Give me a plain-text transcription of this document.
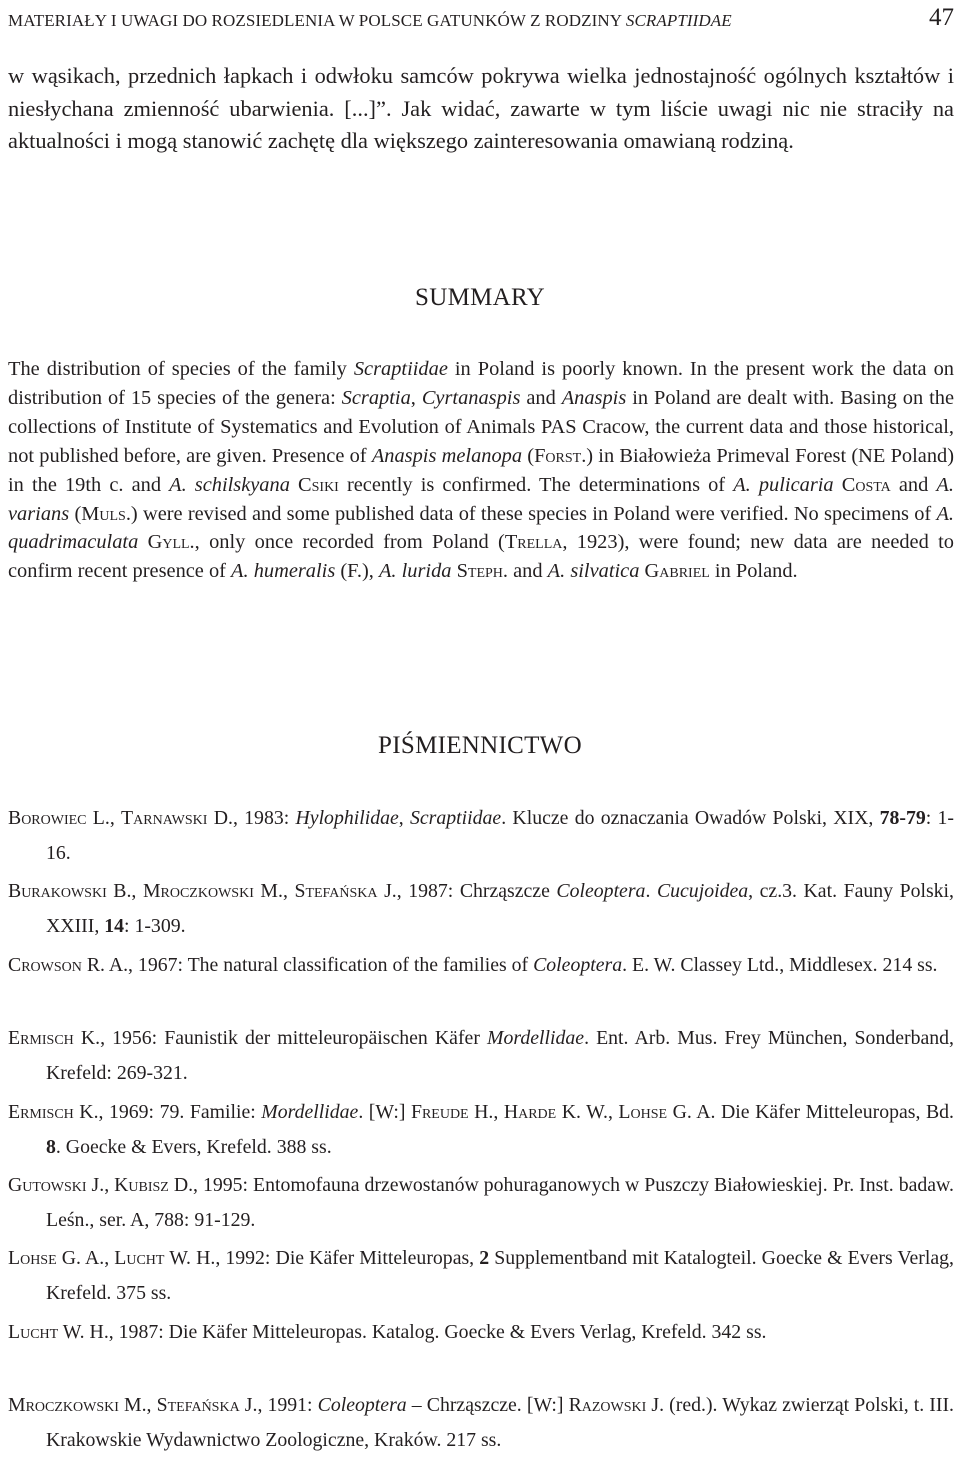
MATERIAŁY I UWAGI DO ROZSIEDLENIA W POLSCE GATUNKÓW Z RODZINY SCRAPTIIDAE	47

w wąsikach, przednich łapkach i odwłoku samców pokrywa wielka jednostajność ogólnych kształtów i niesłychana zmienność ubarwienia. [...]”. Jak widać, zawarte w tym liście uwagi nic nie straciły na aktualności i mogą stanowić zachętę dla większego zainteresowania omawianą rodziną.

SUMMARY

The distribution of species of the family Scraptiidae in Poland is poorly known. In the present work the data on distribution of 15 species of the genera: Scraptia, Cyrtanaspis and Anaspis in Poland are dealt with. Basing on the collections of Institute of Systematics and Evolution of Animals PAS Cracow, the current data and those historical, not published before, are given. Presence of Anaspis melanopa (Forst.) in Białowieża Primeval Forest (NE Poland) in the 19th c. and A. schilskyana Csiki recently is confirmed. The determinations of A. pulicaria Costa and A. varians (Muls.) were revised and some published data of these species in Poland were verified. No specimens of A. quadrimaculata Gyll., only once recorded from Poland (Trella, 1923), were found; new data are needed to confirm recent presence of A. humeralis (F.), A. lurida Steph. and A. silvatica Gabriel in Poland.

PIŚMIENNICTWO
Borowiec L., Tarnawski D., 1983: Hylophilidae, Scraptiidae. Klucze do oznaczania Owadów Polski, XIX, 78-79: 1-16.
Burakowski B., Mroczkowski M., Stefańska J., 1987: Chrząszcze Coleoptera. Cucujoidea, cz.3. Kat. Fauny Polski, XXIII, 14: 1-309.
Crowson R. A., 1967: The natural classification of the families of Coleoptera. E. W. Classey Ltd., Middlesex. 214 ss.
Ermisch K., 1956: Faunistik der mitteleuropäischen Käfer Mordellidae. Ent. Arb. Mus. Frey München, Sonderband, Krefeld: 269-321.
Ermisch K., 1969: 79. Familie: Mordellidae. [W:] Freude H., Harde K. W., Lohse G. A. Die Käfer Mitteleuropas, Bd. 8. Goecke & Evers, Krefeld. 388 ss.
Gutowski J., Kubisz D., 1995: Entomofauna drzewostanów pohuraganowych w Puszczy Białowieskiej. Pr. Inst. badaw. Leśn., ser. A, 788: 91-129.
Lohse G. A., Lucht W. H., 1992: Die Käfer Mitteleuropas, 2 Supplementband mit Katalogteil. Goecke & Evers Verlag, Krefeld. 375 ss.
Lucht W. H., 1987: Die Käfer Mitteleuropas. Katalog. Goecke & Evers Verlag, Krefeld. 342 ss.
Mroczkowski M., Stefańska J., 1991: Coleoptera – Chrząszcze. [W:] Razowski J. (red.). Wykaz zwierząt Polski, t. III. Krakowskie Wydawnictwo Zoologiczne, Kraków. 217 ss.
